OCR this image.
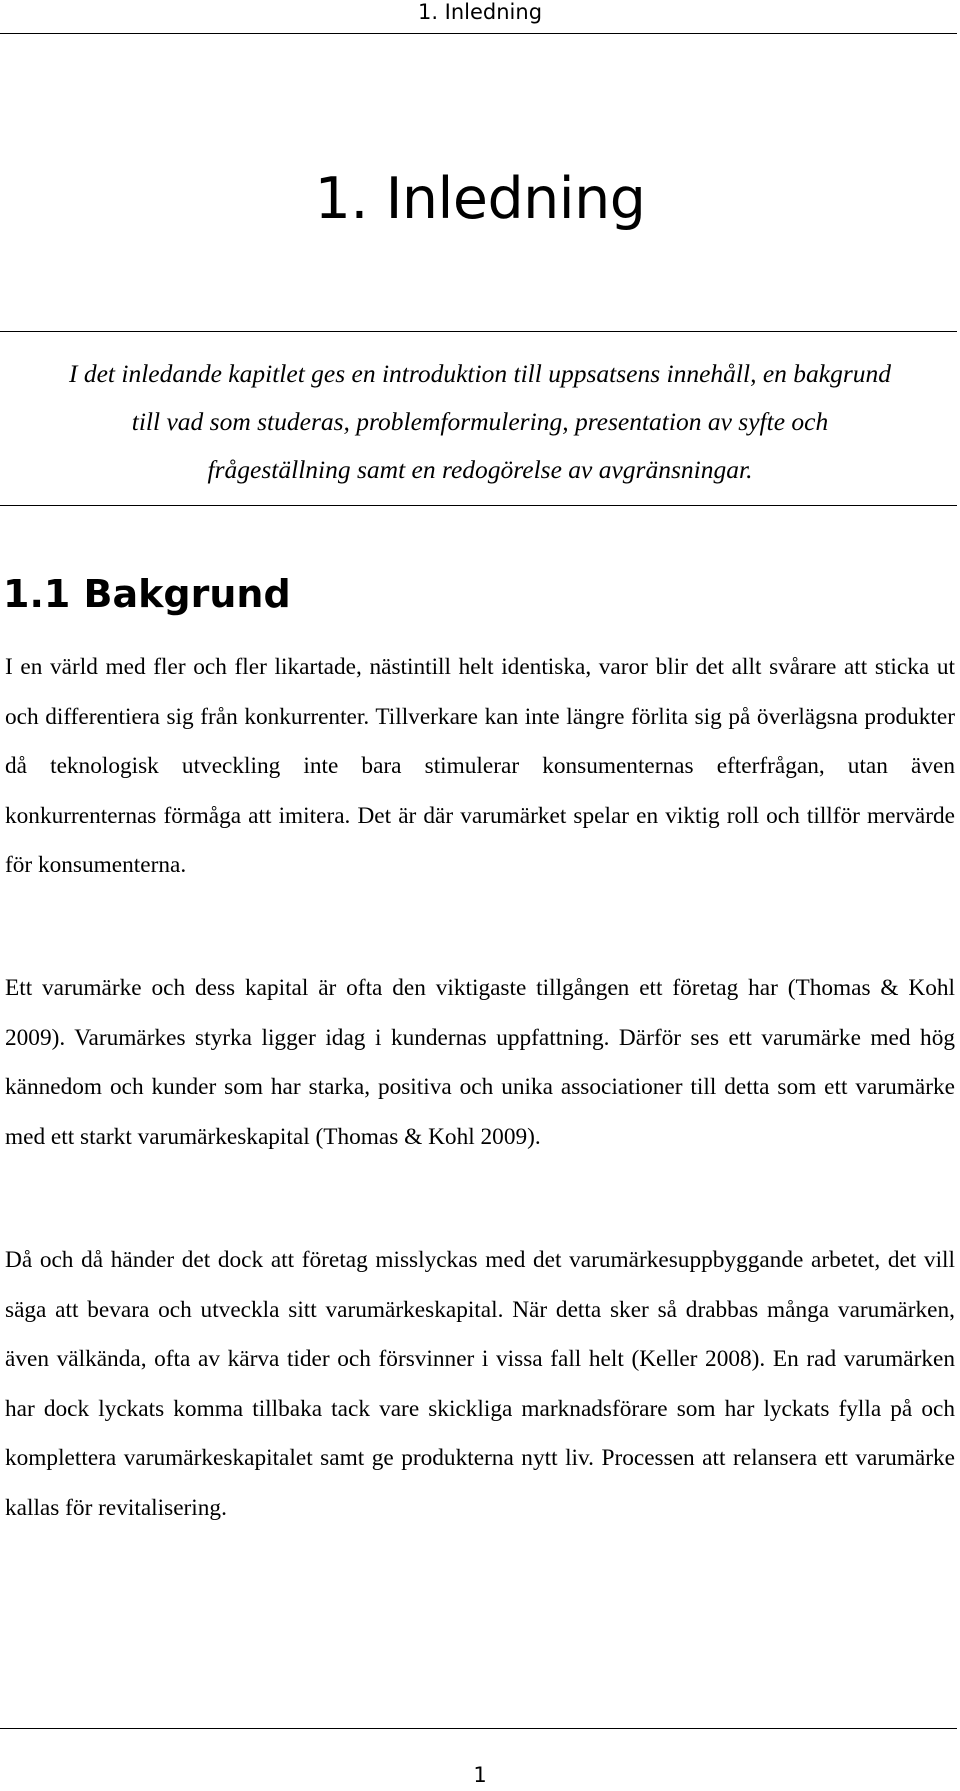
1. Inledning
1. Inledning

I det inledande kapitlet ges en introduktion till uppsatsens innehåll, en bakgrund till vad som studeras, problemformulering, presentation av syfte och frågeställning samt en redogörelse av avgränsningar.

1.1 Bakgrund

I en värld med fler och fler likartade, nästintill helt identiska, varor blir det allt svårare att sticka ut och differentiera sig från konkurrenter. Tillverkare kan inte längre förlita sig på överlägsna produkter då teknologisk utveckling inte bara stimulerar konsumenternas efterfrågan, utan även konkurrenternas förmåga att imitera. Det är där varumärket spelar en viktig roll och tillför mervärde för konsumenterna.

Ett varumärke och dess kapital är ofta den viktigaste tillgången ett företag har (Thomas & Kohl 2009). Varumärkes styrka ligger idag i kundernas uppfattning. Därför ses ett varumärke med hög kännedom och kunder som har starka, positiva och unika associationer till detta som ett varumärke med ett starkt varumärkeskapital (Thomas & Kohl 2009).

Då och då händer det dock att företag misslyckas med det varumärkesuppbyggande arbetet, det vill säga att bevara och utveckla sitt varumärkeskapital. När detta sker så drabbas många varumärken, även välkända, ofta av kärva tider och försvinner i vissa fall helt (Keller 2008). En rad varumärken har dock lyckats komma tillbaka tack vare skickliga marknadsförare som har lyckats fylla på och komplettera varumärkeskapitalet samt ge produkterna nytt liv. Processen att relansera ett varumärke kallas för revitalisering.

1
